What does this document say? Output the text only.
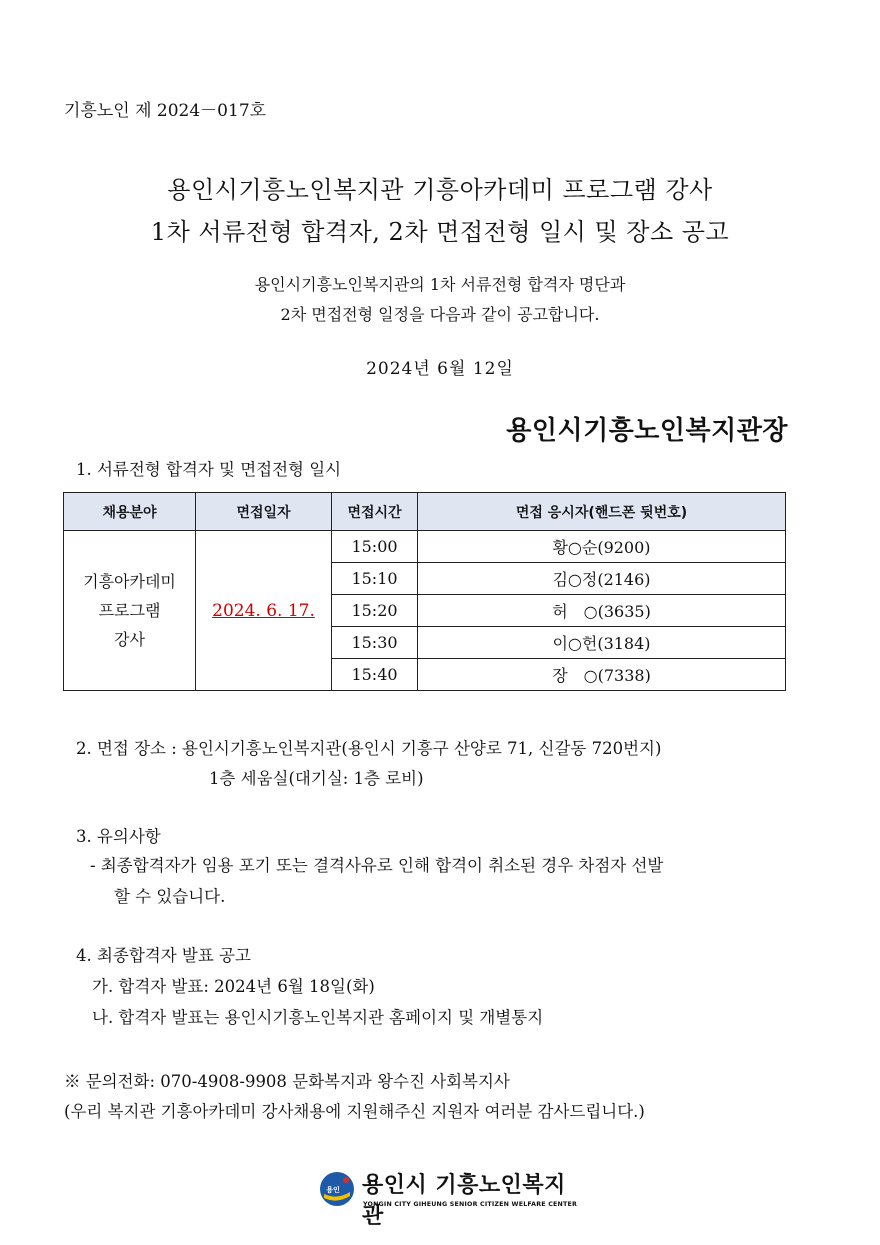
기흥노인 제 2024－017호
용인시기흥노인복지관 기흥아카데미 프로그램 강사
1차 서류전형 합격자, 2차 면접전형 일시 및 장소 공고
용인시기흥노인복지관의 1차 서류전형 합격자 명단과
2차 면접전형 일정을 다음과 같이 공고합니다.
2024년 6월 12일
용인시기흥노인복지관장
1. 서류전형 합격자 및 면접전형 일시
채용분야	면접일자	면접시간	면접 응시자(핸드폰 뒷번호)

기흥아카데미
프로그램
강사	2024. 6. 17.	15:00	황○순(9200)
		15:10	김○정(2146)
		15:20	허　○(3635)
		15:30	이○헌(3184)
		15:40	장　○(7338)
2. 면접 장소 : 용인시기흥노인복지관(용인시 기흥구 산양로 71, 신갈동 720번지)
1층 세움실(대기실: 1층 로비)
3. 유의사항
- 최종합격자가 임용 포기 또는 결격사유로 인해 합격이 취소된 경우 차점자 선발
할 수 있습니다.
4. 최종합격자 발표 공고
가. 합격자 발표: 2024년 6월 18일(화)
나. 합격자 발표는 용인시기흥노인복지관 홈페이지 및 개별통지
※ 문의전화: 070-4908-9908 문화복지과 왕수진 사회복지사
(우리 복지관 기흥아카데미 강사채용에 지원해주신 지원자 여러분 감사드립니다.)
용인 용인시 기흥노인복지관
YONGIN CITY GIHEUNG SENIOR CITIZEN WELFARE CENTER
